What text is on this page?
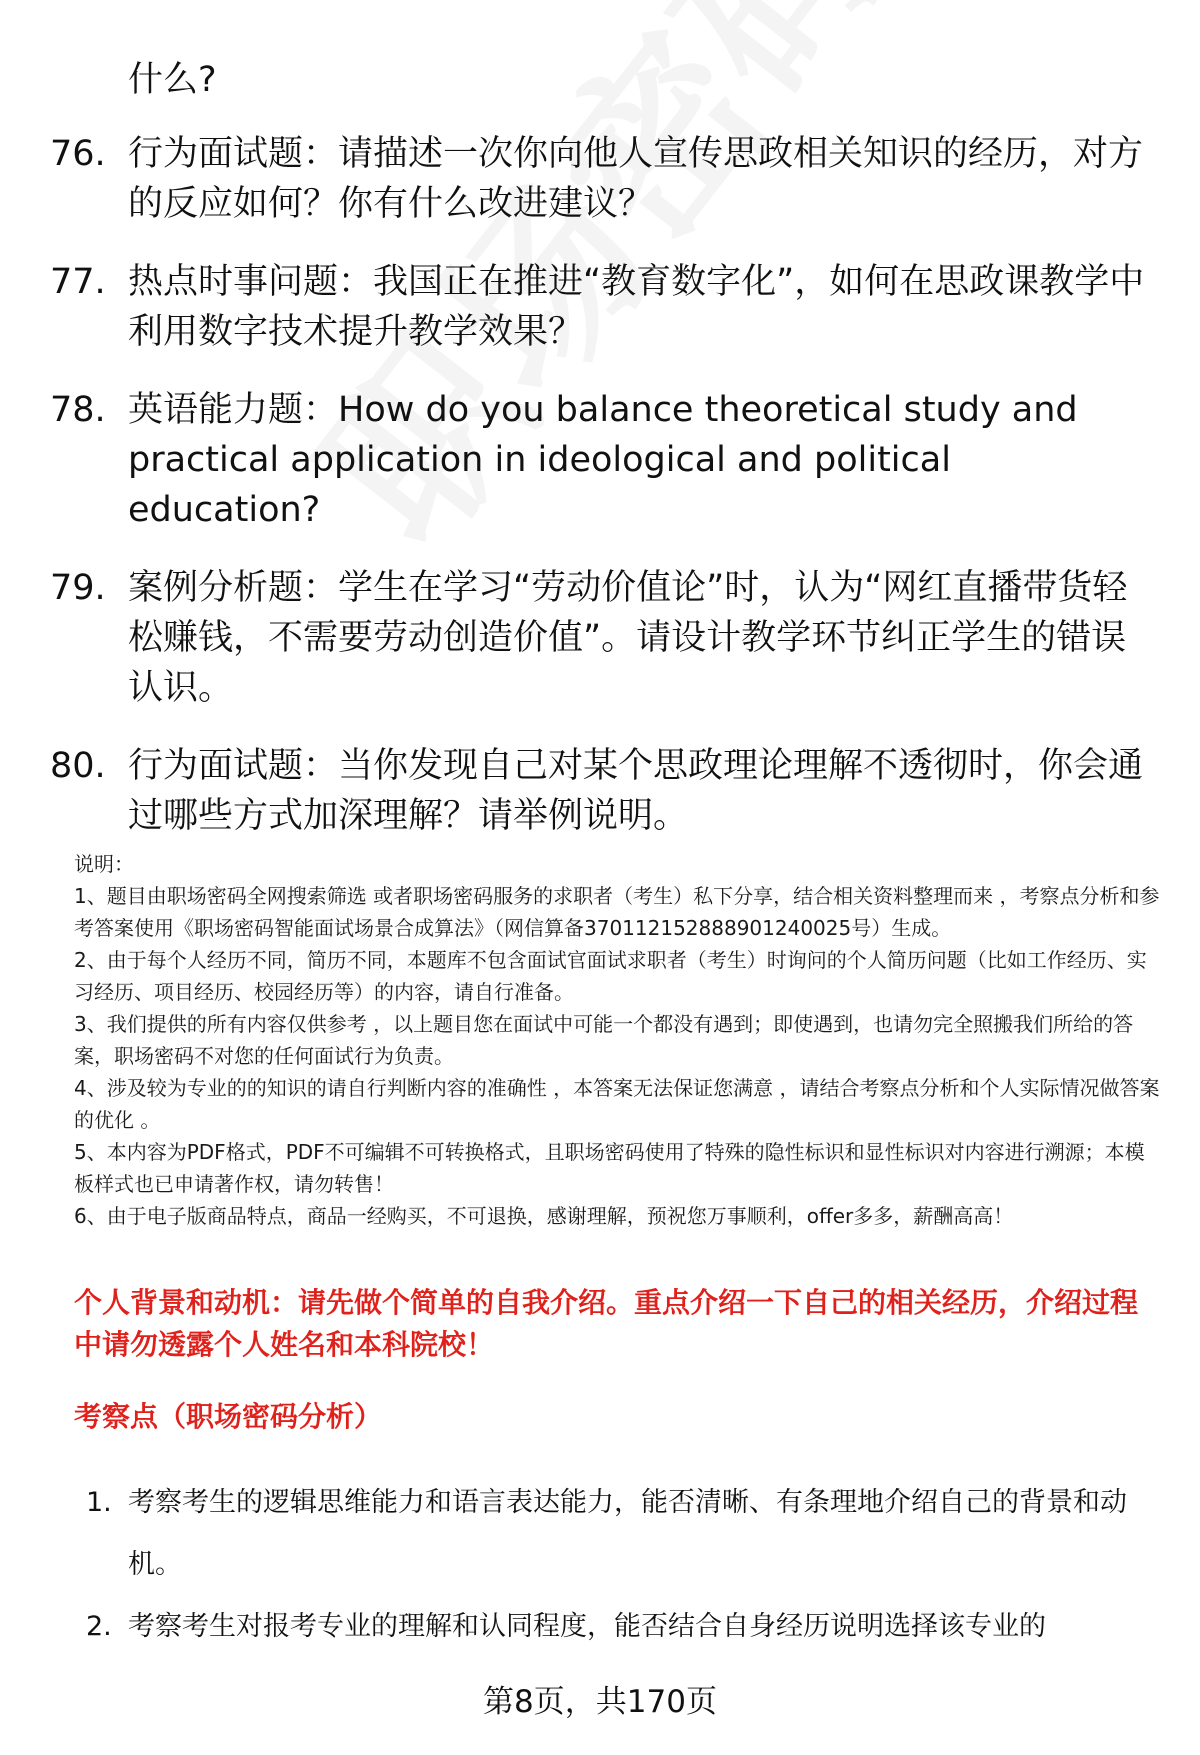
什么?
76. 行为面试题：请描述一次你向他人宣传思政相关知识的经历，对方的反应如何？你有什么改进建议？
77. 热点时事问题：我国正在推进“教育数字化”，如何在思政课教学中利用数字技术提升教学效果？
78. 英语能力题：How do you balance theoretical study and practical application in ideological and political education?
79. 案例分析题：学生在学习“劳动价值论”时，认为“网红直播带货轻松赚钱，不需要劳动创造价值”。请设计教学环节纠正学生的错误认识。
80. 行为面试题：当你发现自己对某个思政理论理解不透彻时，你会通过哪些方式加深理解？请举例说明。

说明：

1、题目由职场密码全网搜索筛选 或者职场密码服务的求职者（考生）私下分享，结合相关资料整理而来 ，考察点分析和参考答案使用《职场密码智能面试场景合成算法》（网信算备370112152888901240025号）生成。

2、由于每个人经历不同，简历不同，本题库不包含面试官面试求职者（考生）时询问的个人简历问题（比如工作经历、实习经历、项目经历、校园经历等）的内容，请自行准备。

3、我们提供的所有内容仅供参考 ，以上题目您在面试中可能一个都没有遇到；即使遇到，也请勿完全照搬我们所给的答案，职场密码不对您的任何面试行为负责。

4、涉及较为专业的的知识的请自行判断内容的准确性 ，本答案无法保证您满意 ，请结合考察点分析和个人实际情况做答案的优化 。

5、本内容为PDF格式，PDF不可编辑不可转换格式，且职场密码使用了特殊的隐性标识和显性标识对内容进行溯源；本模板样式也已申请著作权，请勿转售！

6、由于电子版商品特点，商品一经购买，不可退换，感谢理解，预祝您万事顺利，offer多多，薪酬高高！

个人背景和动机：请先做个简单的自我介绍。重点介绍一下自己的相关经历，介绍过程中请勿透露个人姓名和本科院校！
考察点（职场密码分析）
1. 考察考生的逻辑思维能力和语言表达能力，能否清晰、有条理地介绍自己的背景和动机。
2. 考察考生对报考专业的理解和认同程度，能否结合自身经历说明选择该专业的
第8页，共170页
